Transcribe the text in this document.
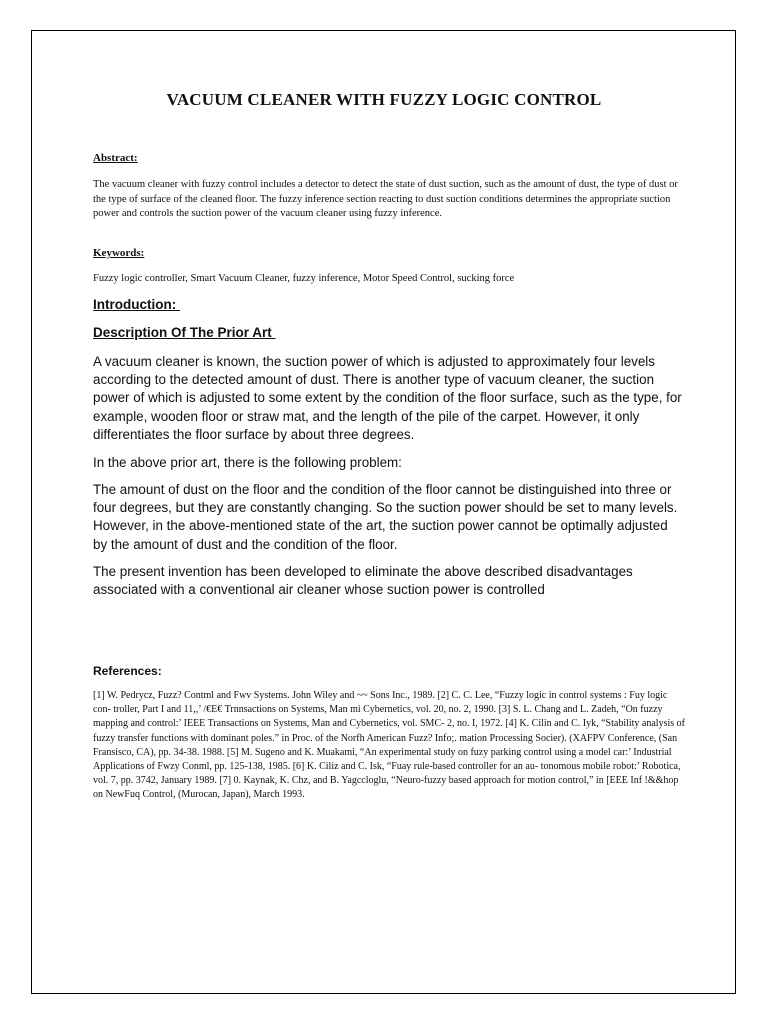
VACUUM CLEANER WITH FUZZY LOGIC CONTROL
Abstract:

The vacuum cleaner with fuzzy control includes a detector to detect the state of dust suction, such as the amount of dust, the type of dust or the type of surface of the cleaned floor. The fuzzy inference section reacting to dust suction conditions determines the appropriate suction power and controls the suction power of the vacuum cleaner using fuzzy inference.

Keywords:

Fuzzy logic controller, Smart Vacuum Cleaner, fuzzy inference, Motor Speed Control, sucking force

Introduction:
Description Of The Prior Art

A vacuum cleaner is known, the suction power of which is adjusted to approximately four levels according to the detected amount of dust. There is another type of vacuum cleaner, the suction power of which is adjusted to some extent by the condition of the floor surface, such as the type, for example, wooden floor or straw mat, and the length of the pile of the carpet. However, it only differentiates the floor surface by about three degrees.

In the above prior art, there is the following problem:

The amount of dust on the floor and the condition of the floor cannot be distinguished into three or four degrees, but they are constantly changing. So the suction power should be set to many levels. However, in the above-mentioned state of the art, the suction power cannot be optimally adjusted by the amount of dust and the condition of the floor.

The present invention has been developed to eliminate the above described disadvantages associated with a conventional air cleaner whose suction power is controlled

References:

[1] W. Pedrycz, Fuzz? Contml and Fwv Systems. John Wiley and ~~ Sons Inc., 1989. [2] C. C. Lee, “Fuzzy logic in control systems : Fuy logic con- troller, Part I and 11,,’ /€E€ Trnnsactions on Systems, Man mi Cybernetics, vol. 20, no. 2, 1990. [3] S. L. Chang and L. Zadeh, “On fuzzy mapping and control:’ IEEE Transactions on Systems, Man and Cybernetics, vol. SMC- 2, no. I, 1972. [4] K. Cilin and C. Iyk, “Stability analysis of fuzzy transfer functions with dominant poles.” in Proc. of the Norfh American Fuzz? Info;. mation Processing Socier). (XAFPV Conference, (San Fransisco, CA), pp. 34-38. 1988. [5] M. Sugeno and K. Muakami, “An experimental study on fuzy parking control using a model car:’ Industrial Applications of Fwzy Conml, pp. 125-138, 1985. [6] K. Ciliz and C. Isk, “Fuay rule-based controller for an au- tonomous mobile robot:’ Robotica, vol. 7, pp. 3742, January 1989. [7] 0. Kaynak, K. Chz, and B. Yagccloglu, “Neuro-fuzzy based approach for motion control,” in [EEE Inf !&&hop on NewFuq Control, (Murocan, Japan), March 1993.
